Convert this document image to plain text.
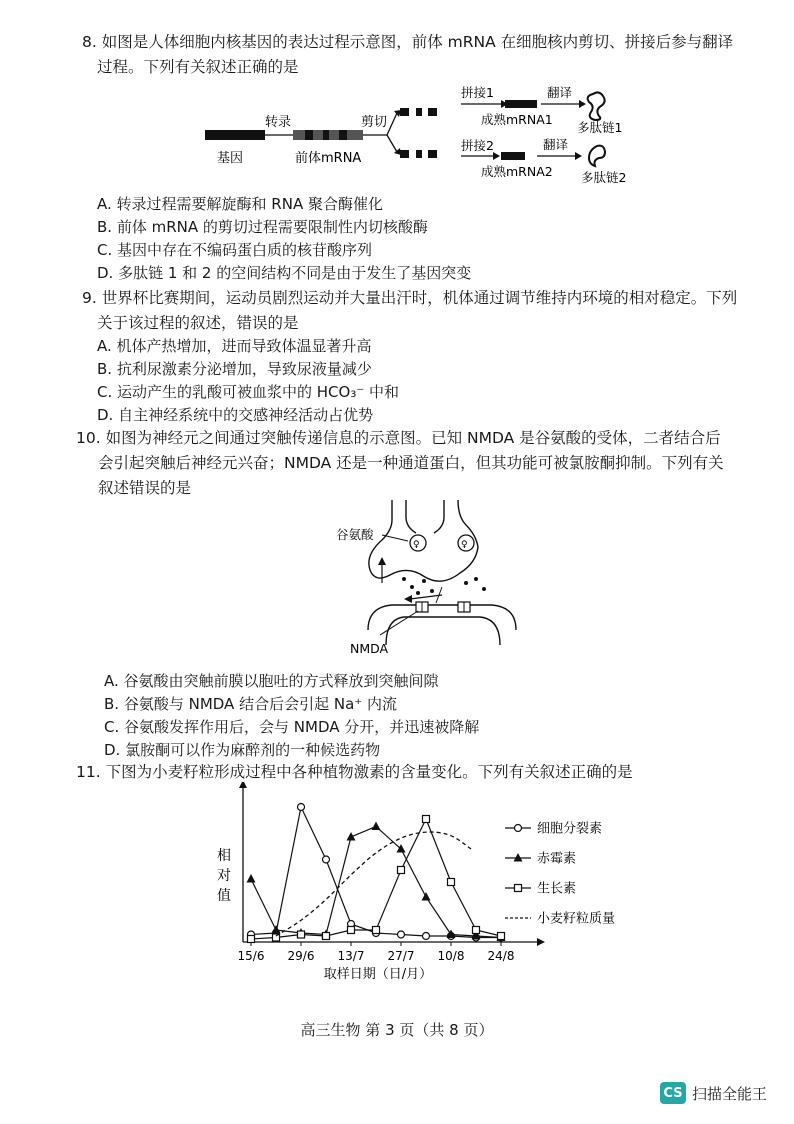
8. 如图是人体细胞内核基因的表达过程示意图，前体 mRNA 在细胞核内剪切、拼接后参与翻译
过程。下列有关叙述正确的是
基因
转录
前体mRNA
剪切
拼接1
成熟mRNA1
翻译
多肽链1
拼接2
成熟mRNA2
翻译
多肽链2
A. 转录过程需要解旋酶和 RNA 聚合酶催化
B. 前体 mRNA 的剪切过程需要限制性内切核酸酶
C. 基因中存在不编码蛋白质的核苷酸序列
D. 多肽链 1 和 2 的空间结构不同是由于发生了基因突变
9. 世界杯比赛期间，运动员剧烈运动并大量出汗时，机体通过调节维持内环境的相对稳定。下列
关于该过程的叙述，错误的是
A. 机体产热增加，进而导致体温显著升高
B. 抗利尿激素分泌增加，导致尿液量减少
C. 运动产生的乳酸可被血浆中的 HCO₃⁻ 中和
D. 自主神经系统中的交感神经活动占优势
10. 如图为神经元之间通过突触传递信息的示意图。已知 NMDA 是谷氨酸的受体，二者结合后
会引起突触后神经元兴奋；NMDA 还是一种通道蛋白，但其功能可被氯胺酮抑制。下列有关
叙述错误的是
♀	♀
谷氨酸
NMDA
A. 谷氨酸由突触前膜以胞吐的方式释放到突触间隙
B. 谷氨酸与 NMDA 结合后会引起 Na⁺ 内流
C. 谷氨酸发挥作用后，会与 NMDA 分开，并迅速被降解
D. 氯胺酮可以作为麻醉剂的一种候选药物
11. 下图为小麦籽粒形成过程中各种植物激素的含量变化。下列有关叙述正确的是
相
对
值
15/6 29/6 13/7 27/7 10/8 24/8
取样日期（日/月）
细胞分裂素
赤霉素
生长素
小麦籽粒质量
高三生物 第 3 页（共 8 页）
CS 扫描全能王
